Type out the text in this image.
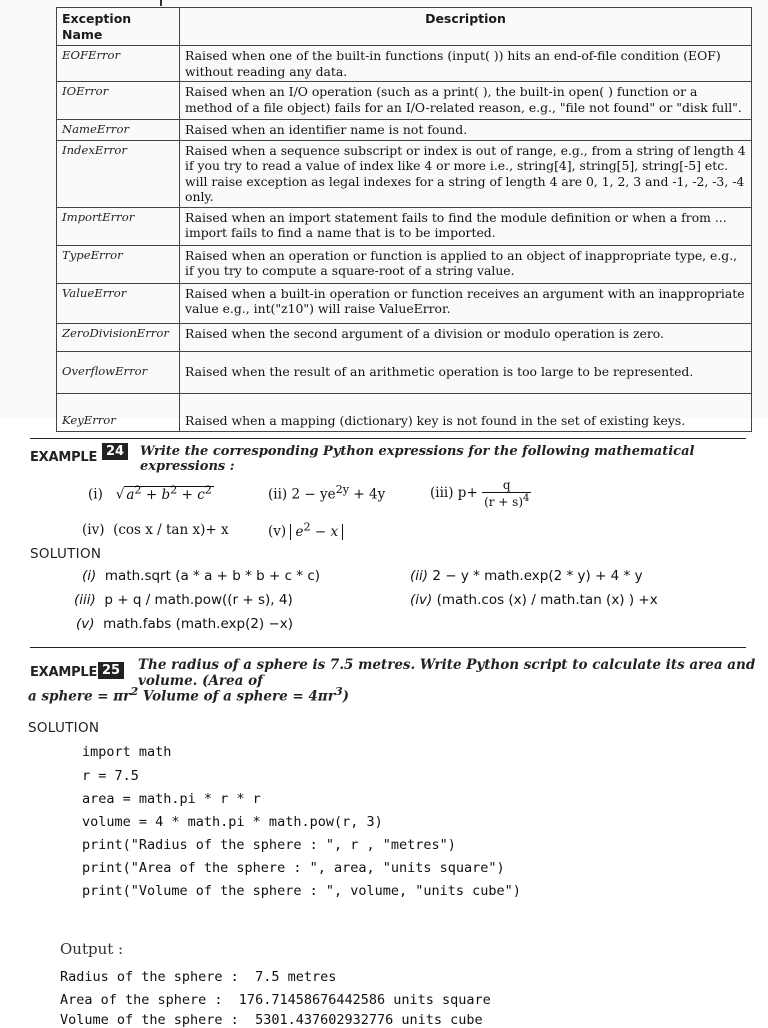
Exception Name	Description
EOFError	Raised when one of the built-in functions (input( )) hits an end-of-file condition (EOF) without reading any data.
IOError	Raised when an I/O operation (such as a print( ), the built-in open( ) function or a method of a file object) fails for an I/O-related reason, e.g., "file not found" or "disk full".
NameError	Raised when an identifier name is not found.
IndexError	Raised when a sequence subscript or index is out of range, e.g., from a string of length 4 if you try to read a value of index like 4 or more i.e., string[4], string[5], string[-5] etc. will raise exception as legal indexes for a string of length 4 are 0, 1, 2, 3 and -1, -2, -3, -4 only.
ImportError	Raised when an import statement fails to find the module definition or when a from ... import fails to find a name that is to be imported.
TypeError	Raised when an operation or function is applied to an object of inappropriate type, e.g., if you try to compute a square-root of a string value.
ValueError	Raised when a built-in operation or function receives an argument with an inappropriate value e.g., int("z10") will raise ValueError.
ZeroDivisionError	Raised when the second argument of a division or modulo operation is zero.
OverflowError	Raised when the result of an arithmetic operation is too large to be represented.
KeyError	Raised when a mapping (dictionary) key is not found in the set of existing keys.
EXAMPLE 24	Write the corresponding Python expressions for the following mathematical expressions :
(i) √ $a^2 + b^2 + c^2$	(ii) $2 - ye^{2y} + 4y$	(iii) $p+ \frac{q}{(r + s)^4}$
(iv) (cos x / tan x)+ x	(v) $e^2 - x$
SOLUTION
(i) math.sqrt (a * a + b * b + c * c)	(ii) 2 − y * math.exp(2 * y) + 4 * y
(iii) p + q / math.pow((r + s), 4)	(iv) (math.cos (x) / math.tan (x) ) +x
(v) math.fabs (math.exp(2) −x)
EXAMPLE 25 The radius of a sphere is 7.5 metres. Write Python script to calculate its area and volume. (Area of
a sphere = $\pi r^2$ Volume of a sphere = $4\pi r^3$)
SOLUTION
import math
r = 7.5
area = math.pi * r * r
volume = 4 * math.pi * math.pow(r, 3)
print("Radius of the sphere : ", r , "metres")
print("Area of the sphere : ", area, "units square")
print("Volume of the sphere : ", volume, "units cube")
Output :
Radius of the sphere :  7.5 metres
Area of the sphere :  176.71458676442586 units square
Volume of the sphere :  5301.437602932776 units cube
